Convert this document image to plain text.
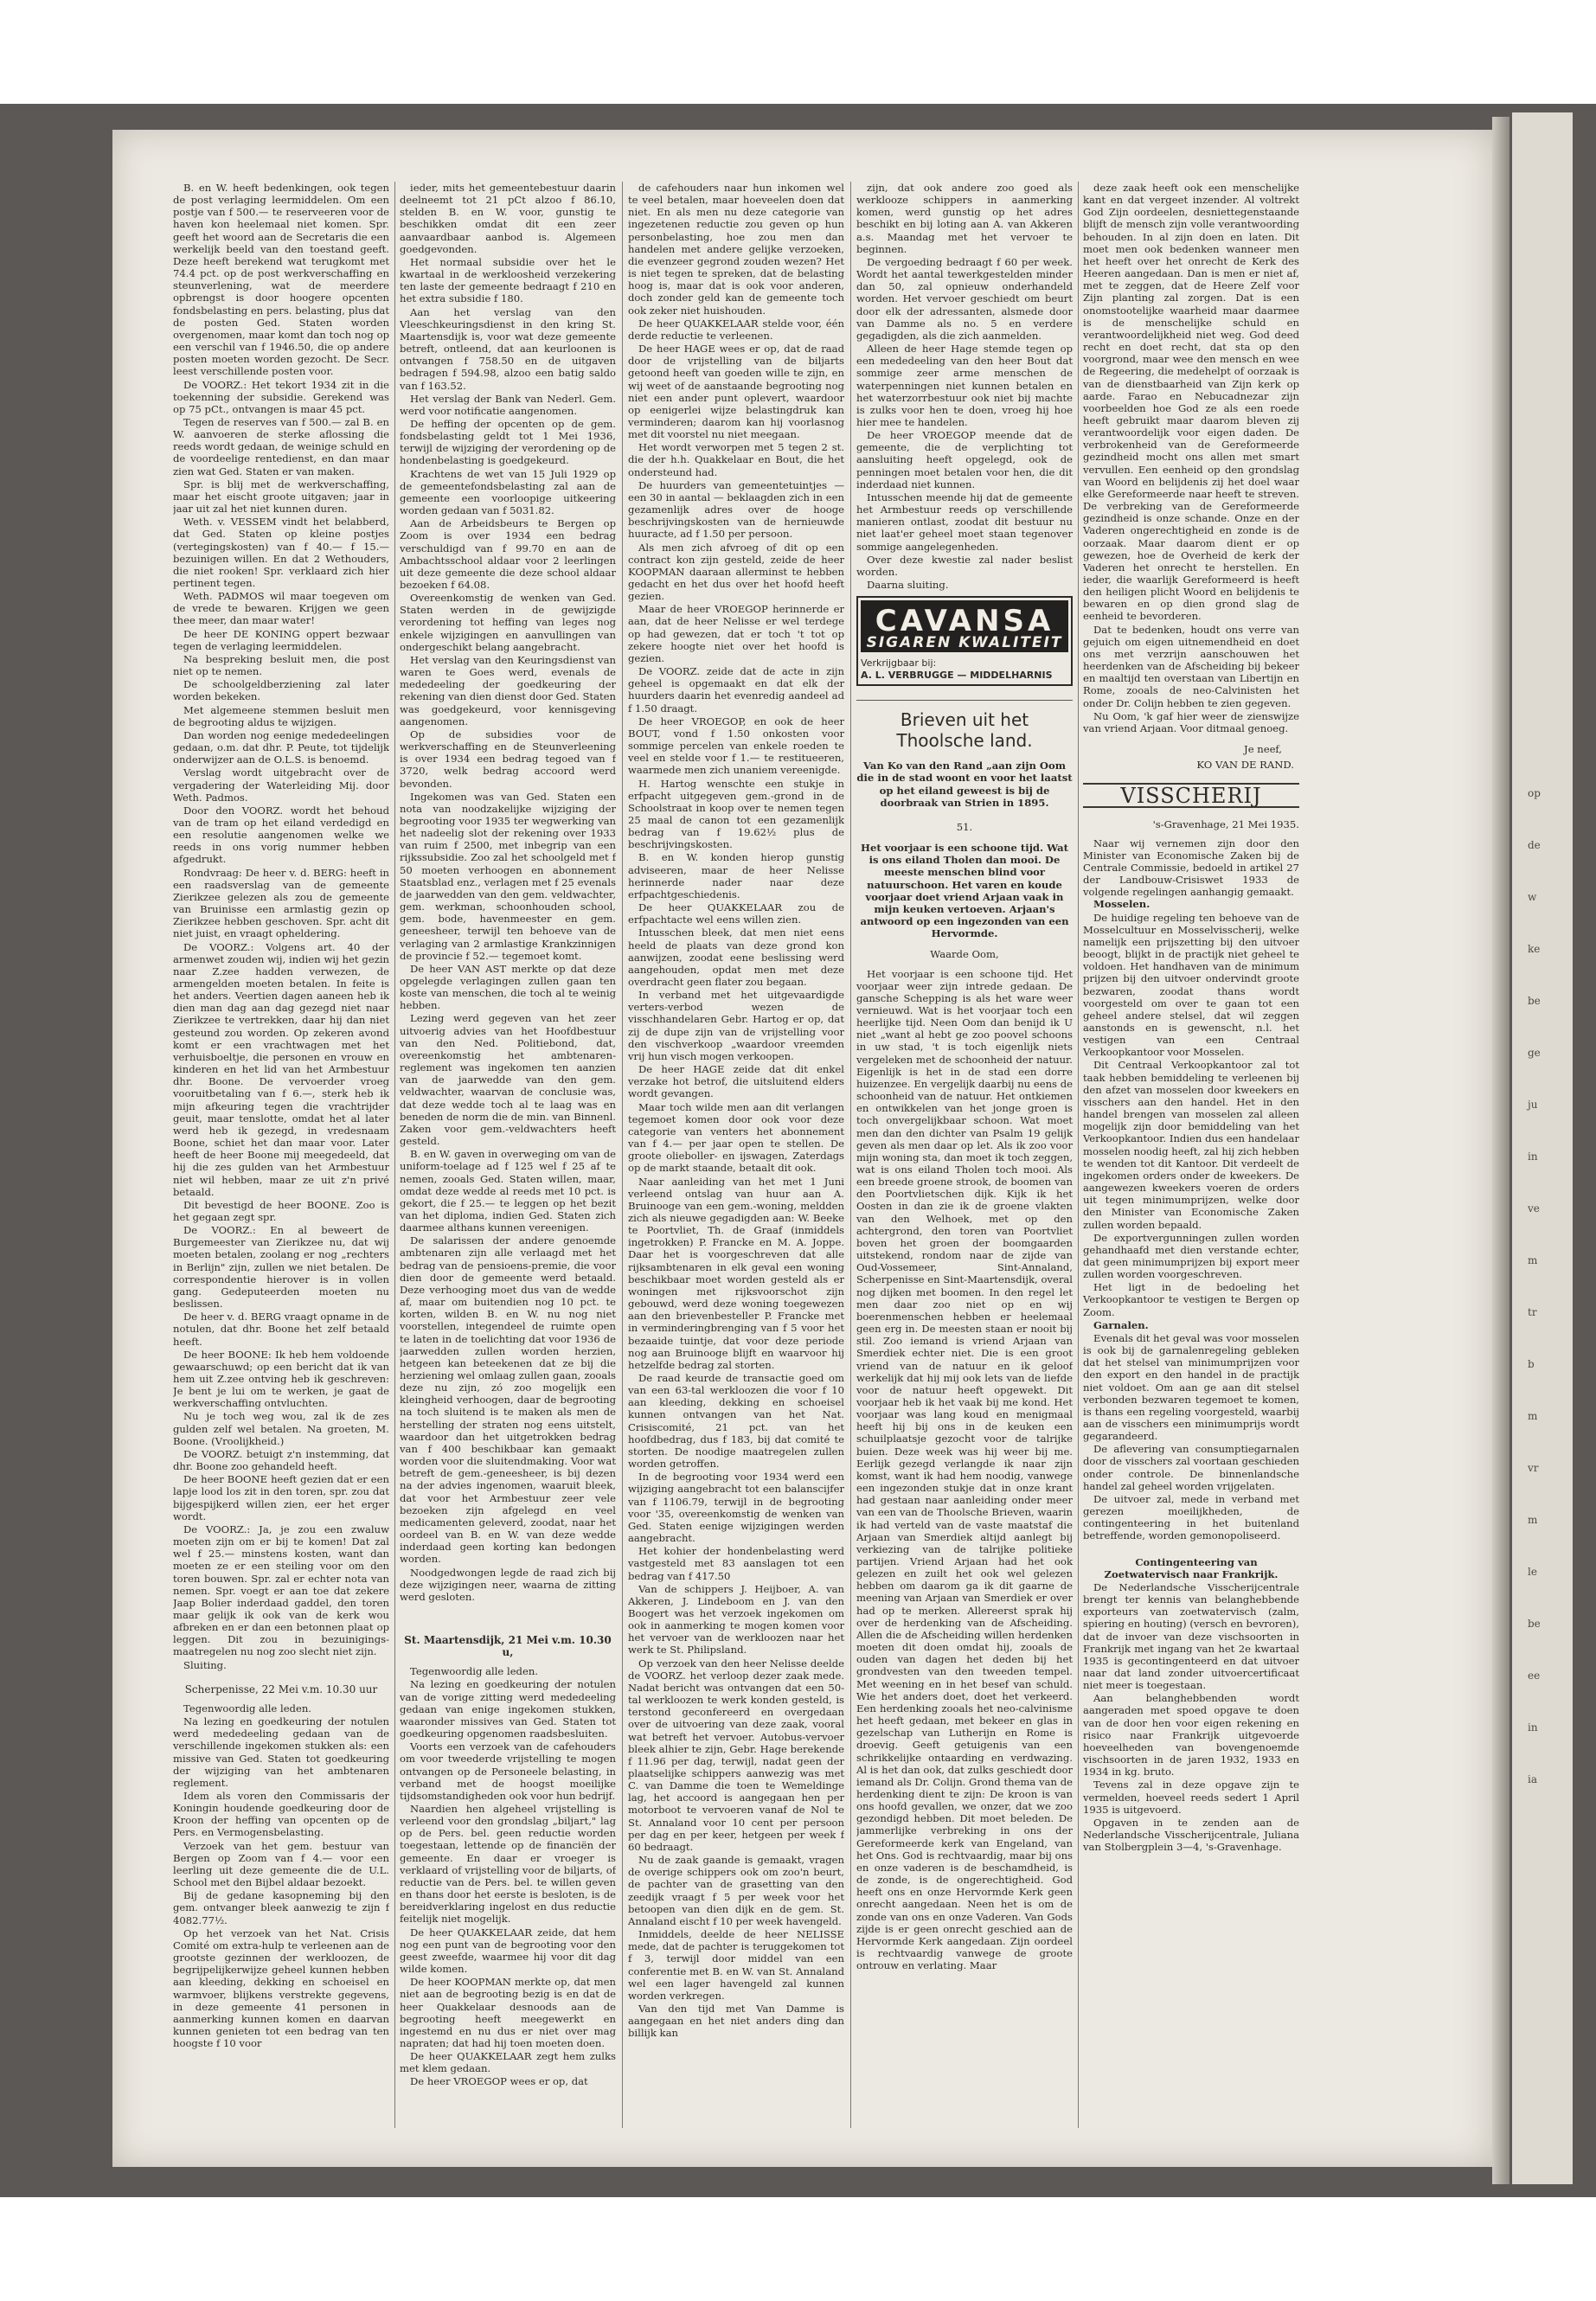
op
de
w
ke
be
ge
ju
in
ve
m
tr
b
m
vr
m
le
be
ee
in
ia

B. en W. heeft bedenkingen, ook tegen de post verlaging leermiddelen. Om een postje van f 500.— te reserveeren voor de haven kon heelemaal niet komen. Spr. geeft het woord aan de Secretaris die een werkelijk beeld van den toestand geeft. Deze heeft berekend wat terugkomt met 74.4 pct. op de post werkverschaffing en steunverlening, wat de meerdere opbrengst is door hoogere opcenten fondsbelasting en pers. belasting, plus dat de posten Ged. Staten worden overgenomen, maar komt dan toch nog op een verschil van f 1946.50, die op andere posten moeten worden gezocht. De Secr. leest verschillende posten voor.

De VOORZ.: Het tekort 1934 zit in die toekenning der subsidie. Gerekend was op 75 pCt., ontvangen is maar 45 pct.

Tegen de reserves van f 500.— zal B. en W. aanvoeren de sterke aflossing die reeds wordt gedaan, de weinige schuld en de voordeelige rentedienst, en dan maar zien wat Ged. Staten er van maken.

Spr. is blij met de werkverschaffing, maar het eischt groote uitgaven; jaar in jaar uit zal het niet kunnen duren.

Weth. v. VESSEM vindt het belabberd, dat Ged. Staten op kleine postjes (vertegingskosten) van f 40.— f 15.— bezuinigen willen. En dat 2 Wethouders, die niet rooken! Spr. verklaard zich hier pertinent tegen.

Weth. PADMOS wil maar toegeven om de vrede te bewaren. Krijgen we geen thee meer, dan maar water!

De heer DE KONING oppert bezwaar tegen de verlaging leermiddelen.

Na bespreking besluit men, die post niet op te nemen.

De schoolgeldberziening zal later worden bekeken.

Met algemeene stemmen besluit men de begrooting aldus te wijzigen.

Dan worden nog eenige mededeelingen gedaan, o.m. dat dhr. P. Peute, tot tijdelijk onderwijzer aan de O.L.S. is benoemd.

Verslag wordt uitgebracht over de vergadering der Waterleiding Mij. door Weth. Padmos.

Door den VOORZ. wordt het behoud van de tram op het eiland verdedigd en een resolutie aangenomen welke we reeds in ons vorig nummer hebben afgedrukt.

Rondvraag: De heer v. d. BERG: heeft in een raadsverslag van de gemeente Zierikzee gelezen als zou de gemeente van Bruinisse een armlastig gezin op Zierikzee hebben geschoven. Spr. acht dit niet juist, en vraagt opheldering.

De VOORZ.: Volgens art. 40 der armenwet zouden wij, indien wij het gezin naar Z.zee hadden verwezen, de armengelden moeten betalen. In feite is het anders. Veertien dagen aaneen heb ik dien man dag aan dag gezegd niet naar Zierikzee te vertrekken, daar hij dan niet gesteund zou worden. Op zekeren avond komt er een vrachtwagen met het verhuisboeltje, die personen en vrouw en kinderen en het lid van het Armbestuur dhr. Boone. De vervoerder vroeg vooruitbetaling van f 6.—, sterk heb ik mijn afkeuring tegen die vrachtrijder geuit, maar tenslotte, omdat het al later werd heb ik gezegd, in vredesnaam Boone, schiet het dan maar voor. Later heeft de heer Boone mij meegedeeld, dat hij die zes gulden van het Armbestuur niet wil hebben, maar ze uit z'n privé betaald.

Dit bevestigd de heer BOONE. Zoo is het gegaan zegt spr.

De VOORZ.: En al beweert de Burgemeester van Zierikzee nu, dat wij moeten betalen, zoolang er nog „rechters in Berlijn" zijn, zullen we niet betalen. De correspondentie hierover is in vollen gang. Gedeputeerden moeten nu beslissen.

De heer v. d. BERG vraagt opname in de notulen, dat dhr. Boone het zelf betaald heeft.

De heer BOONE: Ik heb hem voldoende gewaarschuwd; op een bericht dat ik van hem uit Z.zee ontving heb ik geschreven: Je bent je lui om te werken, je gaat de werkverschaffing ontvluchten.

Nu je toch weg wou, zal ik de zes gulden zelf wel betalen. Na groeten, M. Boone. (Vroolijkheid.)

De VOORZ. betuigt z'n instemming, dat dhr. Boone zoo gehandeld heeft.

De heer BOONE heeft gezien dat er een lapje lood los zit in den toren, spr. zou dat bijgespijkerd willen zien, eer het erger wordt.

De VOORZ.: Ja, je zou een zwaluw moeten zijn om er bij te komen! Dat zal wel f 25.— minstens kosten, want dan moeten ze er een steiling voor om den toren bouwen. Spr. zal er echter nota van nemen. Spr. voegt er aan toe dat zekere Jaap Bolier inderdaad gaddel, den toren maar gelijk ik ook van de kerk wou afbreken en er dan een betonnen plaat op leggen. Dit zou in bezuinigings-maatregelen nu nog zoo slecht niet zijn.

Sluiting.

Scherpenisse, 22 Mei v.m. 10.30 uur

Tegenwoordig alle leden.

Na lezing en goedkeuring der notulen werd mededeeling gedaan van de verschillende ingekomen stukken als: een missive van Ged. Staten tot goedkeuring der wijziging van het ambtenaren reglement.

Idem als voren den Commissaris der Koningin houdende goedkeuring door de Kroon der heffing van opcenten op de Pers. en Vermogensbelasting.

Verzoek van het gem. bestuur van Bergen op Zoom van f 4.— voor een leerling uit deze gemeente die de U.L. School met den Bijbel aldaar bezoekt.

Bij de gedane kasopneming bij den gem. ontvanger bleek aanwezig te zijn f 4082.77½.

Op het verzoek van het Nat. Crisis Comité om extra-hulp te verleenen aan de grootste gezinnen der werkloozen, de begrijpelijkerwijze geheel kunnen hebben aan kleeding, dekking en schoeisel en warmvoer, blijkens verstrekte gegevens, in deze gemeente 41 personen in aanmerking kunnen komen en daarvan kunnen genieten tot een bedrag van ten hoogste f 10 voor

ieder, mits het gemeentebestuur daarin deelneemt tot 21 pCt alzoo f 86.10, stelden B. en W. voor, gunstig te beschikken omdat dit een zeer aanvaardbaar aanbod is. Algemeen goedgevonden.

Het normaal subsidie over het le kwartaal in de werkloosheid verzekering ten laste der gemeente bedraagt f 210 en het extra subsidie f 180.

Aan het verslag van den Vleeschkeuringsdienst in den kring St. Maartensdijk is, voor wat deze gemeente betreft, ontleend, dat aan keurloonen is ontvangen f 758.50 en de uitgaven bedragen f 594.98, alzoo een batig saldo van f 163.52.

Het verslag der Bank van Nederl. Gem. werd voor notificatie aangenomen.

De heffing der opcenten op de gem. fondsbelasting geldt tot 1 Mei 1936, terwijl de wijziging der verordening op de hondenbelasting is goedgekeurd.

Krachtens de wet van 15 Juli 1929 op de gemeentefondsbelasting zal aan de gemeente een voorloopige uitkeering worden gedaan van f 5031.82.

Aan de Arbeidsbeurs te Bergen op Zoom is over 1934 een bedrag verschuldigd van f 99.70 en aan de Ambachtsschool aldaar voor 2 leerlingen uit deze gemeente die deze school aldaar bezoeken f 64.08.

Overeenkomstig de wenken van Ged. Staten werden in de gewijzigde verordening tot heffing van leges nog enkele wijzigingen en aanvullingen van ondergeschikt belang aangebracht.

Het verslag van den Keuringsdienst van waren te Goes werd, evenals de mededeeling der goedkeuring der rekening van dien dienst door Ged. Staten was goedgekeurd, voor kennisgeving aangenomen.

Op de subsidies voor de werkverschaffing en de Steunverleening is over 1934 een bedrag tegoed van f 3720, welk bedrag accoord werd bevonden.

Ingekomen was van Ged. Staten een nota van noodzakelijke wijziging der begrooting voor 1935 ter wegwerking van het nadeelig slot der rekening over 1933 van ruim f 2500, met inbegrip van een rijkssubsidie. Zoo zal het schoolgeld met f 50 moeten verhoogen en abonnement Staatsblad enz., verlagen met f 25 evenals de jaarwedden van den gem. veldwachter, gem. werkman, schoonhouden school, gem. bode, havenmeester en gem. geneesheer, terwijl ten behoeve van de verlaging van 2 armlastige Krankzinnigen de provincie f 52.— tegemoet komt.

De heer VAN AST merkte op dat deze opgelegde verlagingen zullen gaan ten koste van menschen, die toch al te weinig hebben.

Lezing werd gegeven van het zeer uitvoerig advies van het Hoofdbestuur van den Ned. Politiebond, dat, overeenkomstig het ambtenaren-reglement was ingekomen ten aanzien van de jaarwedde van den gem. veldwachter, waarvan de conclusie was, dat deze wedde toch al te laag was en beneden de norm die de min. van Binnenl. Zaken voor gem.-veldwachters heeft gesteld.

B. en W. gaven in overweging om van de uniform-toelage ad f 125 wel f 25 af te nemen, zooals Ged. Staten willen, maar, omdat deze wedde al reeds met 10 pct. is gekort, die f 25.— te leggen op het bezit van het diploma, indien Ged. Staten zich daarmee althans kunnen vereenigen.

De salarissen der andere genoemde ambtenaren zijn alle verlaagd met het bedrag van de pensioens-premie, die voor dien door de gemeente werd betaald. Deze verhooging moet dus van de wedde af, maar om buitendien nog 10 pct. te korten, wilden B. en W. nu nog niet voorstellen, integendeel de ruimte open te laten in de toelichting dat voor 1936 de jaarwedden zullen worden herzien, hetgeen kan beteekenen dat ze bij die herziening wel omlaag zullen gaan, zooals deze nu zijn, zó zoo mogelijk een kleingheid verhoogen, daar de begrooting na toch sluitend is te maken als men de herstelling der straten nog eens uitstelt, waardoor dan het uitgetrokken bedrag van f 400 beschikbaar kan gemaakt worden voor die sluitendmaking. Voor wat betreft de gem.-geneesheer, is bij dezen na der advies ingenomen, waaruit bleek, dat voor het Armbestuur zeer vele bezoeken zijn afgelegd en veel medicamenten geleverd, zoodat, naar het oordeel van B. en W. van deze wedde inderdaad geen korting kan bedongen worden.

Noodgedwongen legde de raad zich bij deze wijzigingen neer, waarna de zitting werd gesloten.

St. Maartensdijk, 21 Mei v.m. 10.30 u,

Tegenwoordig alle leden.

Na lezing en goedkeuring der notulen van de vorige zitting werd mededeeling gedaan van enige ingekomen stukken, waaronder missives van Ged. Staten tot goedkeuring opgenomen raadsbesluiten.

Voorts een verzoek van de cafehouders om voor tweederde vrijstelling te mogen ontvangen op de Personeele belasting, in verband met de hoogst moeilijke tijdsomstandigheden ook voor hun bedrijf.

Naardien hen algeheel vrijstelling is verleend voor den grondslag „biljart," lag op de Pers. bel. geen reductie worden toegestaan, lettende op de financiën der gemeente. En daar er vroeger is verklaard of vrijstelling voor de biljarts, of reductie van de Pers. bel. te willen geven en thans door het eerste is besloten, is de bereidverklaring ingelost en dus reductie feitelijk niet mogelijk.

De heer QUAKKELAAR zeide, dat hem nog een punt van de begrooting voor den geest zweefde, waarmee hij voor dit dag wilde komen.

De heer KOOPMAN merkte op, dat men niet aan de begrooting bezig is en dat de heer Quakkelaar desnoods aan de begrooting heeft meegewerkt en ingestemd en nu dus er niet over mag napraten; dat had hij toen moeten doen.

De heer QUAKKELAAR zegt hem zulks met klem gedaan.

De heer VROEGOP wees er op, dat

de cafehouders naar hun inkomen wel te veel betalen, maar hoeveelen doen dat niet. En als men nu deze categorie van ingezetenen reductie zou geven op hun personbelasting, hoe zou men dan handelen met andere gelijke verzoeken, die evenzeer gegrond zouden wezen? Het is niet tegen te spreken, dat de belasting hoog is, maar dat is ook voor anderen, doch zonder geld kan de gemeente toch ook zeker niet huishouden.

De heer QUAKKELAAR stelde voor, één derde reductie te verleenen.

De heer HAGE wees er op, dat de raad door de vrijstelling van de biljarts getoond heeft van goeden wille te zijn, en wij weet of de aanstaande begrooting nog niet een ander punt oplevert, waardoor op eenigerlei wijze belastingdruk kan verminderen; daarom kan hij voorlasnog met dit voorstel nu niet meegaan.

Het wordt verworpen met 5 tegen 2 st. die der h.h. Quakkelaar en Bout, die het ondersteund had.

De huurders van gemeentetuintjes — een 30 in aantal — beklaagden zich in een gezamenlijk adres over de hooge beschrijvingskosten van de hernieuwde huuracte, ad f 1.50 per persoon.

Als men zich afvroeg of dit op een contract kon zijn gesteld, zeide de heer KOOPMAN daaraan allerminst te hebben gedacht en het dus over het hoofd heeft gezien.

Maar de heer VROEGOP herinnerde er aan, dat de heer Nelisse er wel terdege op had gewezen, dat er toch 't tot op zekere hoogte niet over het hoofd is gezien.

De VOORZ. zeide dat de acte in zijn geheel is opgemaakt en dat elk der huurders daarin het evenredig aandeel ad f 1.50 draagt.

De heer VROEGOP, en ook de heer BOUT, vond f 1.50 onkosten voor sommige percelen van enkele roeden te veel en stelde voor f 1.— te restitueeren, waarmede men zich unaniem vereenigde.

H. Hartog wenschte een stukje in erfpacht uitgegeven gem.-grond in de Schoolstraat in koop over te nemen tegen 25 maal de canon tot een gezamenlijk bedrag van f 19.62½ plus de beschrijvingskosten.

B. en W. konden hierop gunstig adviseeren, maar de heer Nelisse herinnerde nader naar deze erfpachtgeschiedenis.

De heer QUAKKELAAR zou de erfpachtacte wel eens willen zien.

Intusschen bleek, dat men niet eens heeld de plaats van deze grond kon aanwijzen, zoodat eene beslissing werd aangehouden, opdat men met deze overdracht geen flater zou begaan.

In verband met het uitgevaardigde verters-verbod wezen de visschhandelaren Gebr. Hartog er op, dat zij de dupe zijn van de vrijstelling voor den vischverkoop „waardoor vreemden vrij hun visch mogen verkoopen.

De heer HAGE zeide dat dit enkel verzake hot betrof, die uitsluitend elders wordt gevangen.

Maar toch wilde men aan dit verlangen tegemoet komen door ook voor deze categorie van venters het abonnement van f 4.— per jaar open te stellen. De groote olieboller- en ijswagen, Zaterdags op de markt staande, betaalt dit ook.

Naar aanleiding van het met 1 Juni verleend ontslag van huur aan A. Bruinooge van een gem.-woning, meldden zich als nieuwe gegadigden aan: W. Beeke te Poortvliet, Th. de Graaf (inmiddels ingetrokken) P. Francke en M. A. Joppe. Daar het is voorgeschreven dat alle rijksambtenaren in elk geval een woning beschikbaar moet worden gesteld als er woningen met rijksvoorschot zijn gebouwd, werd deze woning toegewezen aan den brievenbesteller P. Francke met in verminderingbrenging van f 5 voor het bezaaide tuintje, dat voor deze periode nog aan Bruinooge blijft en waarvoor hij hetzelfde bedrag zal storten.

De raad keurde de transactie goed om van een 63-tal werkloozen die voor f 10 aan kleeding, dekking en schoeisel kunnen ontvangen van het Nat. Crisiscomité, 21 pct. van het hoofdbedrag, dus f 183, bij dat comité te storten. De noodige maatregelen zullen worden getroffen.

In de begrooting voor 1934 werd een wijziging aangebracht tot een balanscijfer van f 1106.79, terwijl in de begrooting voor '35, overeenkomstig de wenken van Ged. Staten eenige wijzigingen werden aangebracht.

Het kohier der hondenbelasting werd vastgesteld met 83 aanslagen tot een bedrag van f 417.50

Van de schippers J. Heijboer, A. van Akkeren, J. Lindeboom en J. van den Boogert was het verzoek ingekomen om ook in aanmerking te mogen komen voor het vervoer van de werkloozen naar het werk te St. Philipsland.

Op verzoek van den heer Nelisse deelde de VOORZ. het verloop dezer zaak mede. Nadat bericht was ontvangen dat een 50-tal werkloozen te werk konden gesteld, is terstond geconfereerd en overgedaan over de uitvoering van deze zaak, vooral wat betreft het vervoer. Autobus-vervoer bleek alhier te zijn, Gebr. Hage berekende f 11.96 per dag, terwijl, nadat geen der plaatselijke schippers aanwezig was met C. van Damme die toen te Wemeldinge lag, het accoord is aangegaan hen per motorboot te vervoeren vanaf de Nol te St. Annaland voor 10 cent per persoon per dag en per keer, hetgeen per week f 60 bedraagt.

Nu de zaak gaande is gemaakt, vragen de overige schippers ook om zoo'n beurt, de pachter van de grasetting van den zeedijk vraagt f 5 per week voor het betoopen van dien dijk en de gem. St. Annaland eischt f 10 per week havengeld.

Inmiddels, deelde de heer NELISSE mede, dat de pachter is teruggekomen tot f 3, terwijl door middel van een conferentie met B. en W. van St. Annaland wel een lager havengeld zal kunnen worden verkregen.

Van den tijd met Van Damme is aangegaan en het niet anders ding dan billijk kan

zijn, dat ook andere zoo goed als werklooze schippers in aanmerking komen, werd gunstig op het adres beschikt en bij loting aan A. van Akkeren a.s. Maandag met het vervoer te beginnen.

De vergoeding bedraagt f 60 per week. Wordt het aantal tewerkgestelden minder dan 50, zal opnieuw onderhandeld worden. Het vervoer geschiedt om beurt door elk der adressanten, alsmede door van Damme als no. 5 en verdere gegadigden, als die zich aanmelden.

Alleen de heer Hage stemde tegen op een mededeeling van den heer Bout dat sommige zeer arme menschen de waterpenningen niet kunnen betalen en het waterzorrbestuur ook niet bij machte is zulks voor hen te doen, vroeg hij hoe hier mee te handelen.

De heer VROEGOP meende dat de gemeente, die de verplichting tot aansluiting heeft opgelegd, ook de penningen moet betalen voor hen, die dit inderdaad niet kunnen.

Intusschen meende hij dat de gemeente het Armbestuur reeds op verschillende manieren ontlast, zoodat dit bestuur nu niet laat'er geheel moet staan tegenover sommige aangelegenheden.

Over deze kwestie zal nader beslist worden.

Daarna sluiting.

CAVANSA
SIGAREN KWALITEIT
Verkrijgbaar bij:
A. L. VERBRUGGE — MIDDELHARNIS
Brieven uit het Thoolsche land.
Van Ko van den Rand „aan zijn Oom die in de stad woont en voor het laatst op het eiland geweest is bij de doorbraak van Strien in 1895.
51.
Het voorjaar is een schoone tijd. Wat is ons eiland Tholen dan mooi. De meeste menschen blind voor natuurschoon. Het varen en koude voorjaar doet vriend Arjaan vaak in mijn keuken vertoeven. Arjaan's antwoord op een ingezonden van een Hervormde.
Waarde Oom,

Het voorjaar is een schoone tijd. Het voorjaar weer zijn intrede gedaan. De gansche Schepping is als het ware weer vernieuwd. Wat is het voorjaar toch een heerlijke tijd. Neen Oom dan benijd ik U niet „want al hebt ge zoo poovel schoons in uw stad, 't is toch eigenlijk niets vergeleken met de schoonheid der natuur. Eigenlijk is het in de stad een dorre huizenzee. En vergelijk daarbij nu eens de schoonheid van de natuur. Het ontkiemen en ontwikkelen van het jonge groen is toch onvergelijkbaar schoon. Wat moet men dan den dichter van Psalm 19 gelijk geven als men daar op let. Als ik zoo voor mijn woning sta, dan moet ik toch zeggen, wat is ons eiland Tholen toch mooi. Als een breede groene strook, de boomen van den Poortvlietschen dijk. Kijk ik het Oosten in dan zie ik de groene vlakten van den Welhoek, met op den achtergrond, den toren van Poortvliet boven het groen der boomgaarden uitstekend, rondom naar de zijde van Oud-Vossemeer, Sint-Annaland, Scherpenisse en Sint-Maartensdijk, overal nog dijken met boomen. In den regel let men daar zoo niet op en wij boerenmenschen hebben er heelemaal geen erg in. De meesten staan er nooit bij stil. Zoo iemand is vriend Arjaan van Smerdiek echter niet. Die is een groot vriend van de natuur en ik geloof werkelijk dat hij mij ook lets van de liefde voor de natuur heeft opgewekt. Dit voorjaar heb ik het vaak bij me kond. Het voorjaar was lang koud en menigmaal heeft hij bij ons in de keuken een schuilplaatsje gezocht voor de talrijke buien. Deze week was hij weer bij me. Eerlijk gezegd verlangde ik naar zijn komst, want ik had hem noodig, vanwege een ingezonden stukje dat in onze krant had gestaan naar aanleiding onder meer van een van de Thoolsche Brieven, waarin ik had verteld van de vaste maatstaf die Arjaan van Smerdiek altijd aanlegt bij verkiezing van de talrijke politieke partijen. Vriend Arjaan had het ook gelezen en zuilt het ook wel gelezen hebben om daarom ga ik dit gaarne de meening van Arjaan van Smerdiek er over had op te merken. Allereerst sprak hij over de herdenking van de Afscheiding. Allen die de Afscheiding willen herdenken moeten dit doen omdat hij, zooals de ouden van dagen het deden bij het grondvesten van den tweeden tempel. Met weening en in het besef van schuld. Wie het anders doet, doet het verkeerd. Een herdenking zooals het neo-calvinisme het heeft gedaan, met bekeer en glas in gezelschap van Lutherijn en Rome is droevig. Geeft getuigenis van een schrikkelijke ontaarding en verdwazing. Al is het dan ook, dat zulks geschiedt door iemand als Dr. Colijn. Grond thema van de herdenking dient te zijn: De kroon is van ons hoofd gevallen, we onzer, dat we zoo gezondigd hebben. Dit moet beleden. De jammerlijke verbreking in ons der Gereformeerde kerk van Engeland, van het Ons. God is rechtvaardig, maar bij ons en onze vaderen is de beschamdheid, is de zonde, is de ongerechtigheid. God heeft ons en onze Hervormde Kerk geen onrecht aangedaan. Neen het is om de zonde van ons en onze Vaderen. Van Gods zijde is er geen onrecht geschied aan de Hervormde Kerk aangedaan. Zijn oordeel is rechtvaardig vanwege de groote ontrouw en verlating. Maar

deze zaak heeft ook een menschelijke kant en dat vergeet inzender. Al voltrekt God Zijn oordeelen, desniettegenstaande blijft de mensch zijn volle verantwoording behouden. In al zijn doen en laten. Dit moet men ook bedenken wanneer men het heeft over het onrecht de Kerk des Heeren aangedaan. Dan is men er niet af, met te zeggen, dat de Heere Zelf voor Zijn planting zal zorgen. Dat is een onomstootelijke waarheid maar daarmee is de menschelijke schuld en verantwoordelijkheid niet weg. God deed recht en doet recht, dat sta op den voorgrond, maar wee den mensch en wee de Regeering, die medehelpt of oorzaak is van de dienstbaarheid van Zijn kerk op aarde. Farao en Nebucadnezar zijn voorbeelden hoe God ze als een roede heeft gebruikt maar daarom bleven zij verantwoordelijk voor eigen daden. De verbrokenheid van de Gereformeerde gezindheid mocht ons allen met smart vervullen. Een eenheid op den grondslag van Woord en belijdenis zij het doel waar elke Gereformeerde naar heeft te streven. De verbreking van de Gereformeerde gezindheid is onze schande. Onze en der Vaderen ongerechtigheid en zonde is de oorzaak. Maar daarom dient er op gewezen, hoe de Overheid de kerk der Vaderen het onrecht te herstellen. En ieder, die waarlijk Gereformeerd is heeft den heiligen plicht Woord en belijdenis te bewaren en op dien grond slag de eenheid te bevorderen.

Dat te bedenken, houdt ons verre van gejuich om eigen uitnemendheid en doet ons met verzrijn aanschouwen het heerdenken van de Afscheiding bij bekeer en maaltijd ten overstaan van Libertijn en Rome, zooals de neo-Calvinisten het onder Dr. Colijn hebben te zien gegeven.

Nu Oom, 'k gaf hier weer de zienswijze van vriend Arjaan. Voor ditmaal genoeg.

Je neef,
KO VAN DE RAND.
VISSCHERIJ
's-Gravenhage, 21 Mei 1935.

Naar wij vernemen zijn door den Minister van Economische Zaken bij de Centrale Commissie, bedoeld in artikel 27 der Landbouw-Crisiswet 1933 de volgende regelingen aanhangig gemaakt.

Mosselen.

De huidige regeling ten behoeve van de Mosselcultuur en Mosselvisscherij, welke namelijk een prijszetting bij den uitvoer beoogt, blijkt in de practijk niet geheel te voldoen. Het handhaven van de minimum prijzen bij den uitvoer ondervindt groote bezwaren, zoodat thans wordt voorgesteld om over te gaan tot een geheel andere stelsel, dat wil zeggen aanstonds en is gewenscht, n.l. het vestigen van een Centraal Verkoopkantoor voor Mosselen.

Dit Centraal Verkoopkantoor zal tot taak hebben bemiddeling te verleenen bij den afzet van mosselen door kweekers en visschers aan den handel. Het in den handel brengen van mosselen zal alleen mogelijk zijn door bemiddeling van het Verkoopkantoor. Indien dus een handelaar mosselen noodig heeft, zal hij zich hebben te wenden tot dit Kantoor. Dit verdeelt de ingekomen orders onder de kweekers. De aangewezen kweekers voeren de orders uit tegen minimumprijzen, welke door den Minister van Economische Zaken zullen worden bepaald.

De exportvergunningen zullen worden gehandhaafd met dien verstande echter, dat geen minimumprijzen bij export meer zullen worden voorgeschreven.

Het ligt in de bedoeling het Verkoopkantoor te vestigen te Bergen op Zoom.

Garnalen.

Evenals dit het geval was voor mosselen is ook bij de garnalenregeling gebleken dat het stelsel van minimumprijzen voor den export en den handel in de practijk niet voldoet. Om aan ge aan dit stelsel verbonden bezwaren tegemoet te komen, is thans een regeling voorgesteld, waarbij aan de visschers een minimumprijs wordt gegarandeerd.

De aflevering van consumptiegarnalen door de visschers zal voortaan geschieden onder controle. De binnenlandsche handel zal geheel worden vrijgelaten.

De uitvoer zal, mede in verband met gerezen moeilijkheden, de contingenteering in het buitenland betreffende, worden gemonopoliseerd.

Contingenteering van Zoetwatervisch naar Frankrijk.

De Nederlandsche Visscherijcentrale brengt ter kennis van belanghebbende exporteurs van zoetwatervisch (zalm, spiering en houting) (versch en bevroren), dat de invoer van deze vischsoorten in Frankrijk met ingang van het 2e kwartaal 1935 is gecontingenteerd en dat uitvoer naar dat land zonder uitvoercertificaat niet meer is toegestaan.

Aan belanghebbenden wordt aangeraden met spoed opgave te doen van de door hen voor eigen rekening en risico naar Frankrijk uitgevoerde hoeveelheden van bovengenoemde vischsoorten in de jaren 1932, 1933 en 1934 in kg. bruto.

Tevens zal in deze opgave zijn te vermelden, hoeveel reeds sedert 1 April 1935 is uitgevoerd.

Opgaven in te zenden aan de Nederlandsche Visscherijcentrale, Juliana van Stolbergplein 3—4, 's-Gravenhage.
